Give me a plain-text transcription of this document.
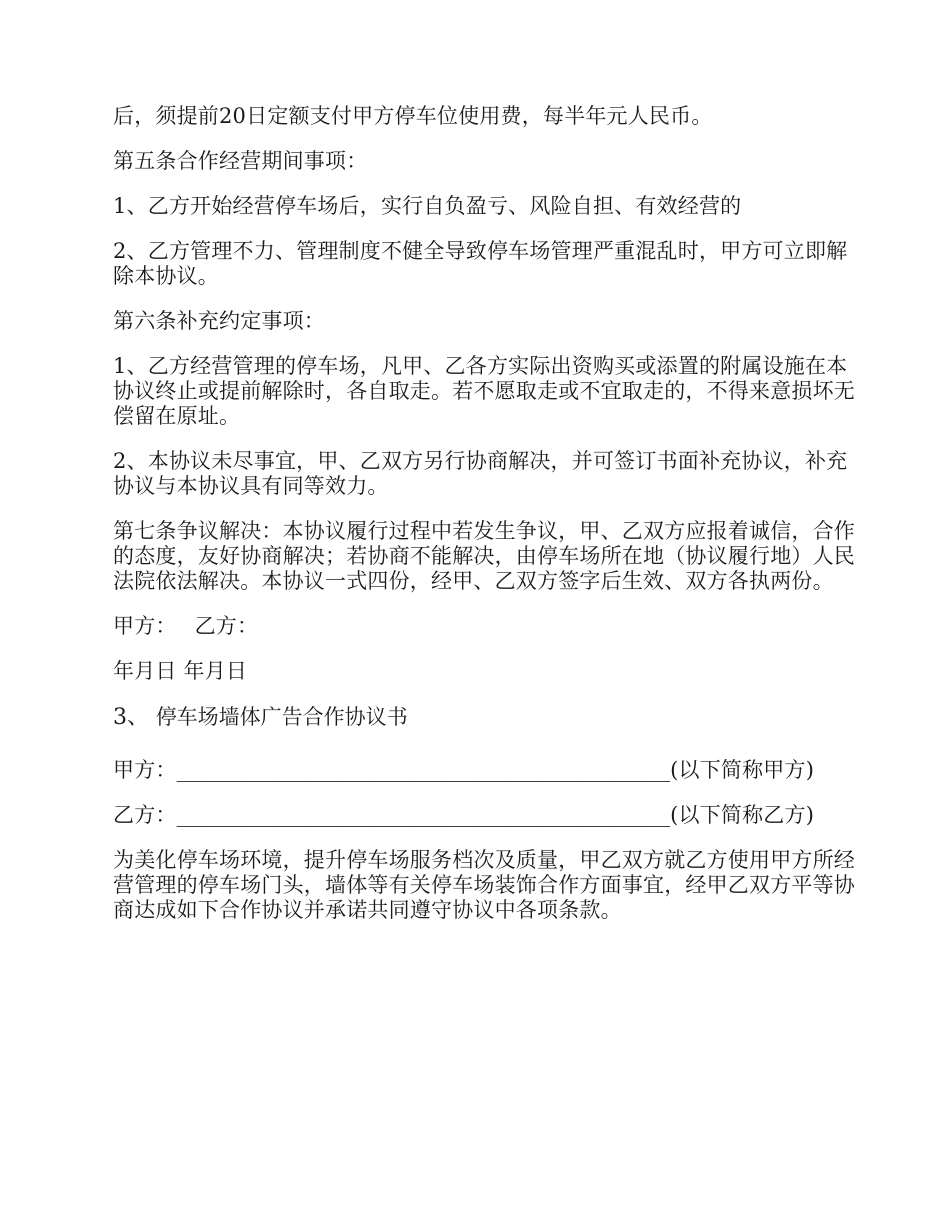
后，须提前20日定额支付甲方停车位使用费，每半年元人民币。

第五条合作经营期间事项：

1、乙方开始经营停车场后，实行自负盈亏、风险自担、有效经营的

2、乙方管理不力、管理制度不健全导致停车场管理严重混乱时，甲方可立即解除本协议。

第六条补充约定事项：

1、乙方经营管理的停车场，凡甲、乙各方实际出资购买或添置的附属设施在本协议终止或提前解除时，各自取走。若不愿取走或不宜取走的，不得来意损坏无偿留在原址。

2、本协议未尽事宜，甲、乙双方另行协商解决，并可签订书面补充协议，补充协议与本协议具有同等效力。

第七条争议解决：本协议履行过程中若发生争议，甲、乙双方应报着诚信，合作的态度，友好协商解决；若协商不能解决，由停车场所在地（协议履行地）人民法院依法解决。本协议一式四份，经甲、乙双方签字后生效、双方各执两份。

甲方： 乙方：

年月日 年月日

3、 停车场墙体广告合作协议书

甲方：_______________________________________________(以下简称甲方)

乙方：_______________________________________________(以下简称乙方)

为美化停车场环境，提升停车场服务档次及质量，甲乙双方就乙方使用甲方所经营管理的停车场门头，墙体等有关停车场装饰合作方面事宜，经甲乙双方平等协商达成如下合作协议并承诺共同遵守协议中各项条款。
